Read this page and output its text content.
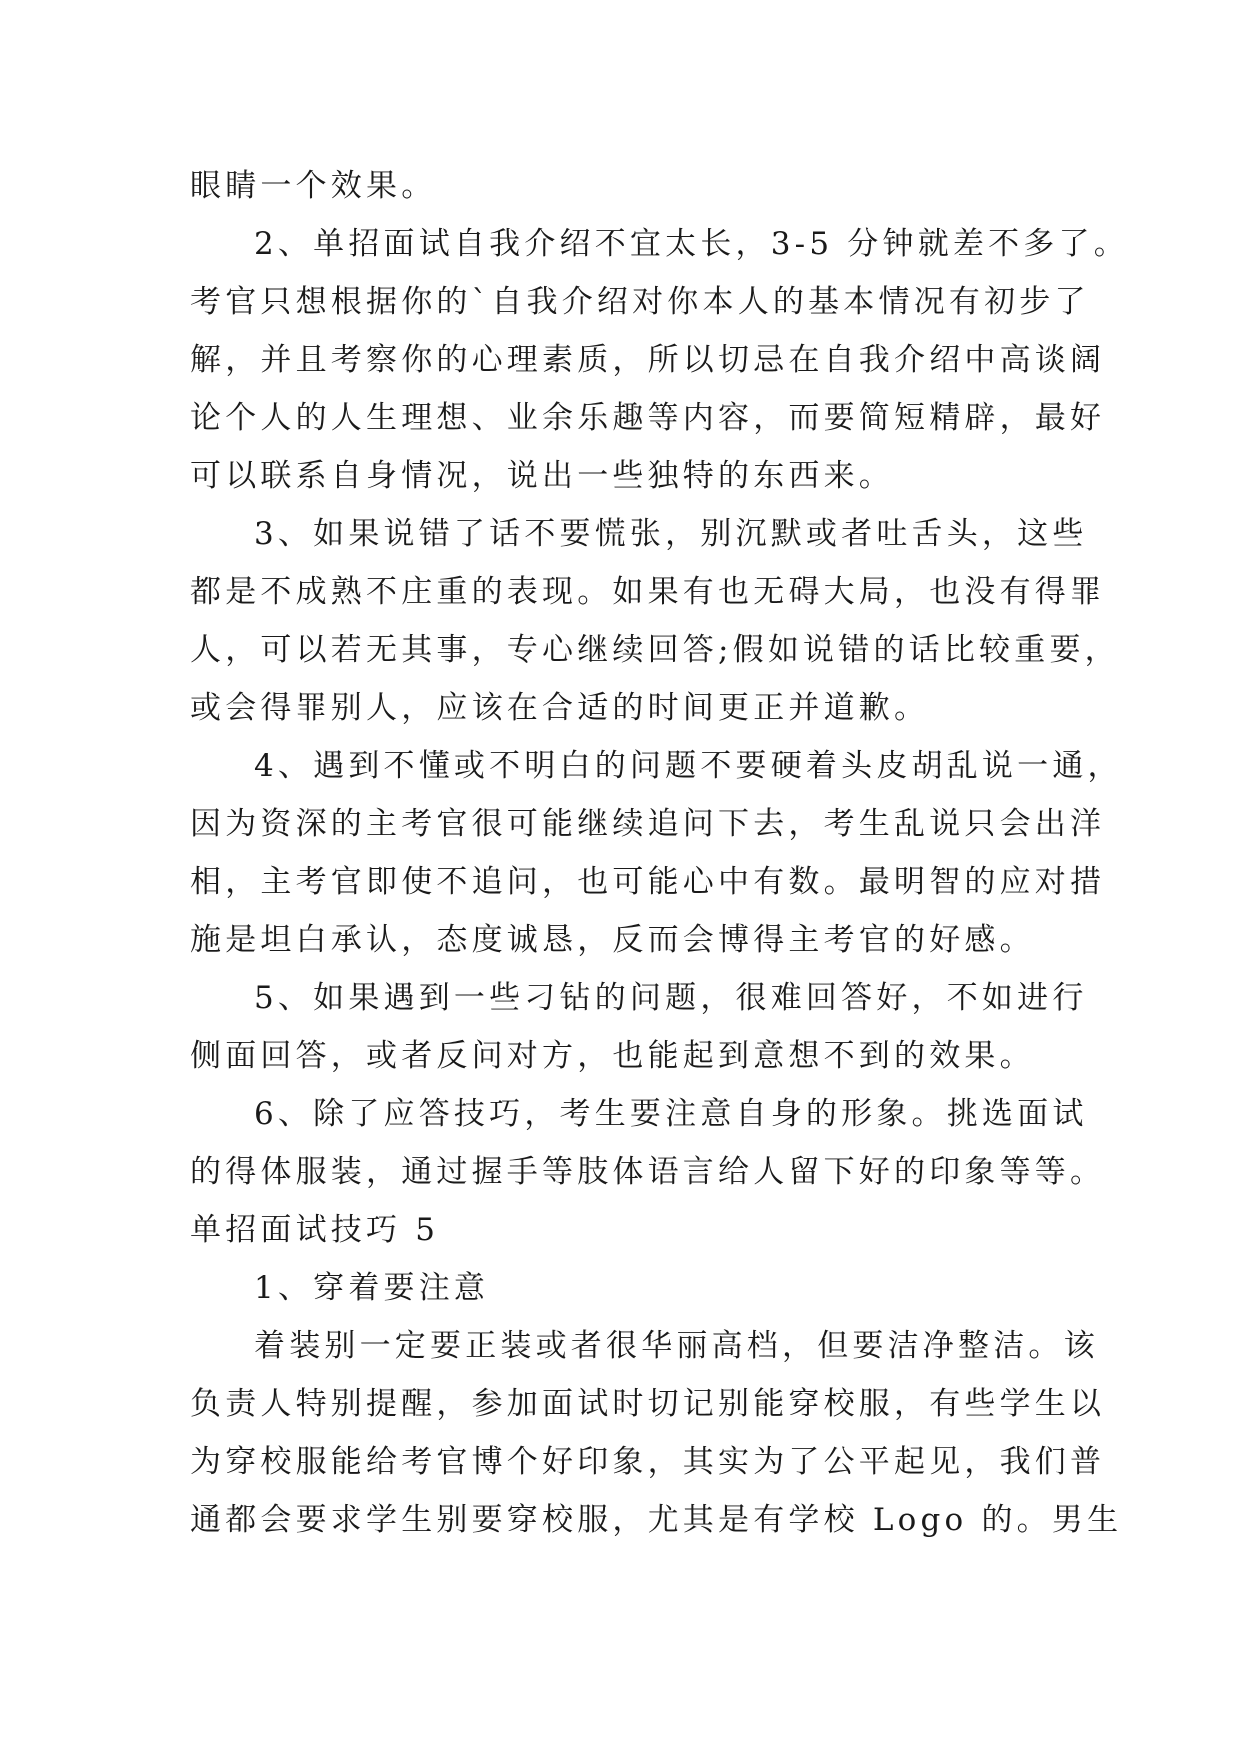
眼睛一个效果。
2、单招面试自我介绍不宜太长，3-5 分钟就差不多了。
考官只想根据你的`自我介绍对你本人的基本情况有初步了
解，并且考察你的心理素质，所以切忌在自我介绍中高谈阔
论个人的人生理想、业余乐趣等内容，而要简短精辟，最好
可以联系自身情况，说出一些独特的东西来。
3、如果说错了话不要慌张，别沉默或者吐舌头，这些
都是不成熟不庄重的表现。如果有也无碍大局，也没有得罪
人，可以若无其事，专心继续回答;假如说错的话比较重要，
或会得罪别人，应该在合适的时间更正并道歉。
4、遇到不懂或不明白的问题不要硬着头皮胡乱说一通，
因为资深的主考官很可能继续追问下去，考生乱说只会出洋
相，主考官即使不追问，也可能心中有数。最明智的应对措
施是坦白承认，态度诚恳，反而会博得主考官的好感。
5、如果遇到一些刁钻的问题，很难回答好，不如进行
侧面回答，或者反问对方，也能起到意想不到的效果。
6、除了应答技巧，考生要注意自身的形象。挑选面试
的得体服装，通过握手等肢体语言给人留下好的印象等等。
单招面试技巧 5
1、穿着要注意
着装别一定要正装或者很华丽高档，但要洁净整洁。该
负责人特别提醒，参加面试时切记别能穿校服，有些学生以
为穿校服能给考官博个好印象，其实为了公平起见，我们普
通都会要求学生别要穿校服，尤其是有学校 Logo 的。男生
